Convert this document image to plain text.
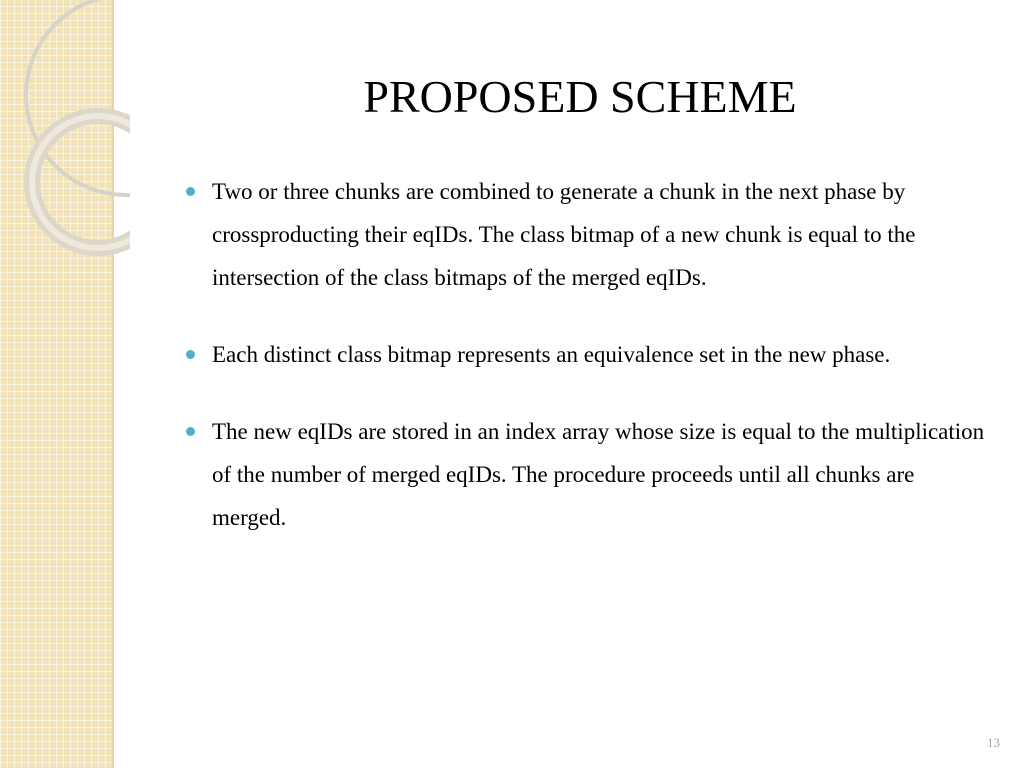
PROPOSED SCHEME
Two or three chunks are combined to generate a chunk in the next phase by crossproducting their eqIDs. The class bitmap of a new chunk is equal to the intersection of the class bitmaps of the merged eqIDs.
Each distinct class bitmap represents an equivalence set in the new phase.
The new eqIDs are stored in an index array whose size is equal to the multiplication of the number of merged eqIDs. The procedure proceeds until all chunks are merged.
13
